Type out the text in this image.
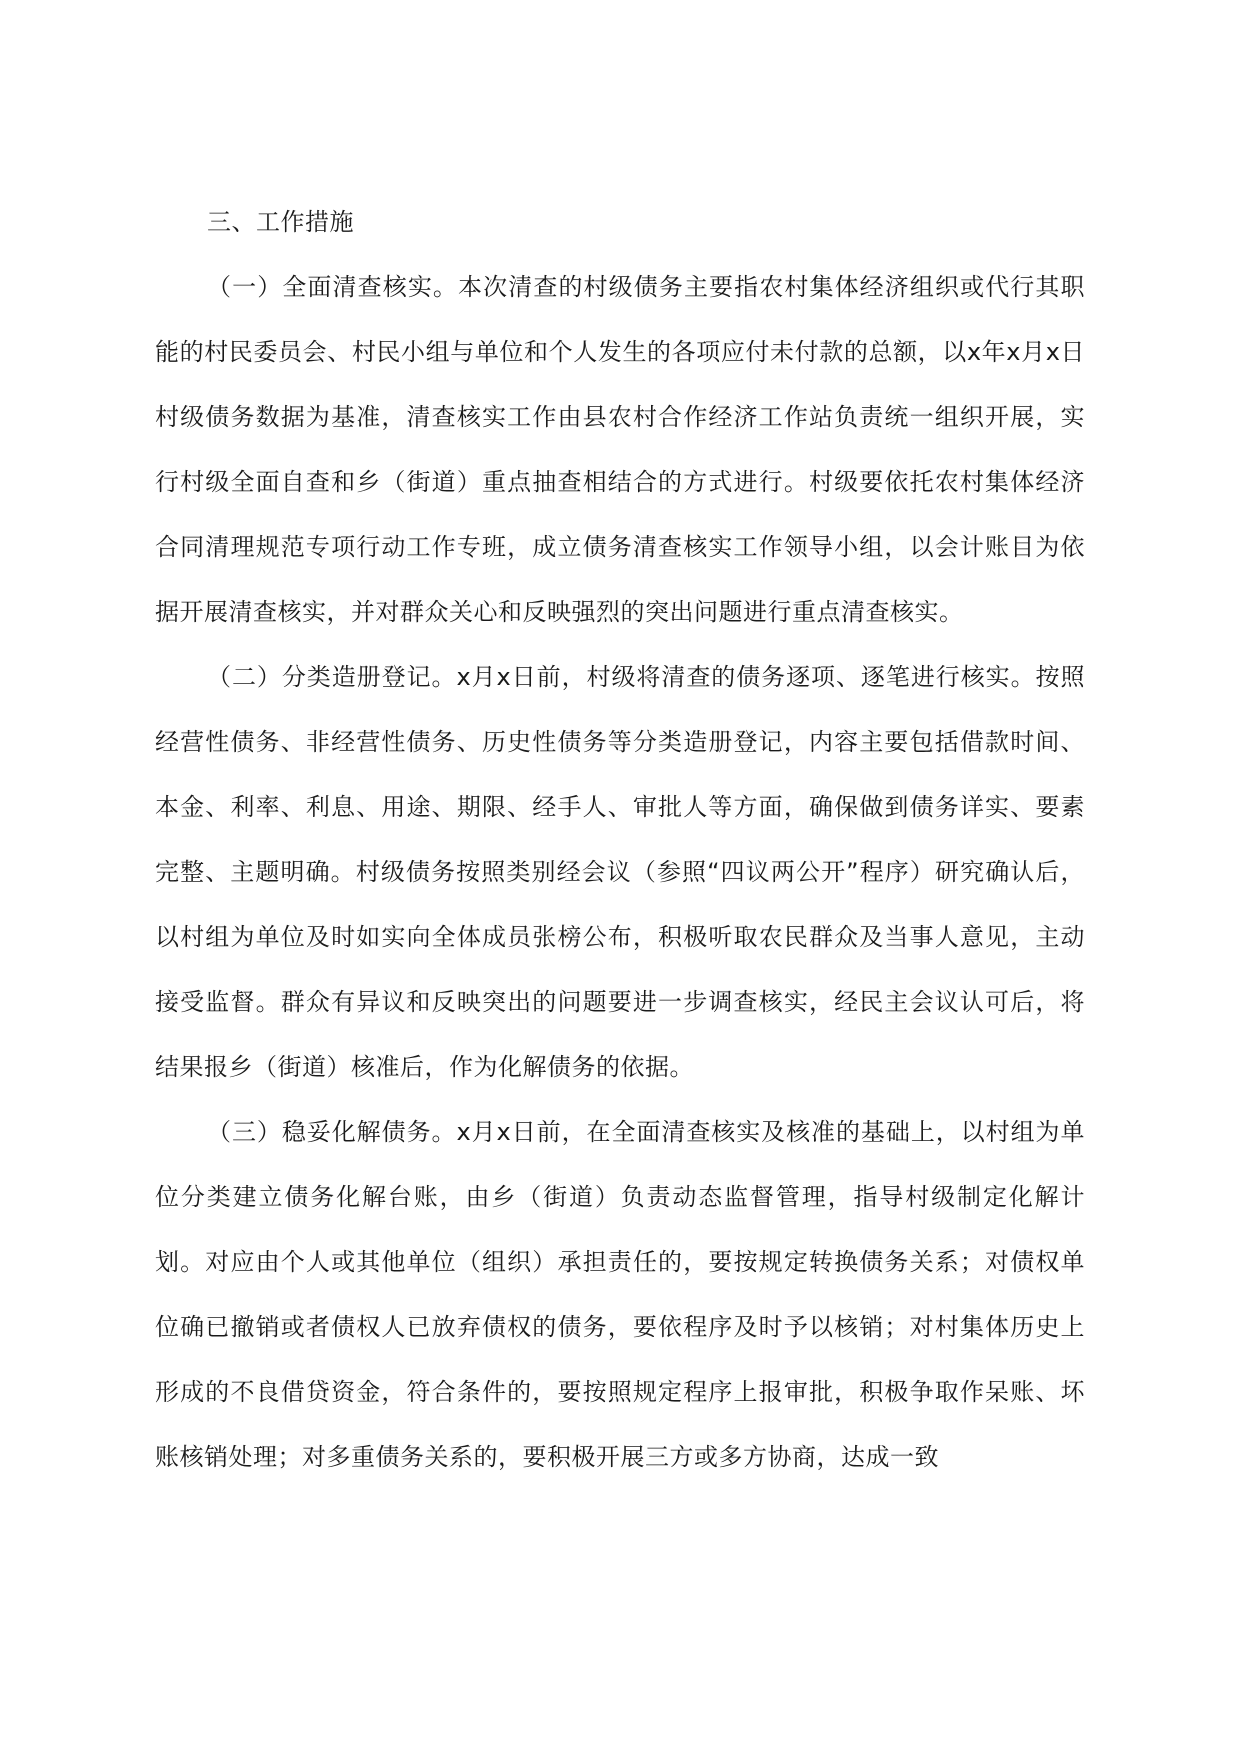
三、工作措施

（一）全面清查核实。本次清查的村级债务主要指农村集体经济组织或代行其职能的村民委员会、村民小组与单位和个人发生的各项应付未付款的总额，以x年x月x日村级债务数据为基准，清查核实工作由县农村合作经济工作站负责统一组织开展，实行村级全面自查和乡（街道）重点抽查相结合的方式进行。村级要依托农村集体经济合同清理规范专项行动工作专班，成立债务清查核实工作领导小组，以会计账目为依据开展清查核实，并对群众关心和反映强烈的突出问题进行重点清查核实。

（二）分类造册登记。x月x日前，村级将清查的债务逐项、逐笔进行核实。按照经营性债务、非经营性债务、历史性债务等分类造册登记，内容主要包括借款时间、本金、利率、利息、用途、期限、经手人、审批人等方面，确保做到债务详实、要素完整、主题明确。村级债务按照类别经会议（参照“四议两公开”程序）研究确认后，以村组为单位及时如实向全体成员张榜公布，积极听取农民群众及当事人意见，主动接受监督。群众有异议和反映突出的问题要进一步调查核实，经民主会议认可后，将结果报乡（街道）核准后，作为化解债务的依据。

（三）稳妥化解债务。x月x日前，在全面清查核实及核准的基础上，以村组为单位分类建立债务化解台账，由乡（街道）负责动态监督管理，指导村级制定化解计划。对应由个人或其他单位（组织）承担责任的，要按规定转换债务关系；对债权单位确已撤销或者债权人已放弃债权的债务，要依程序及时予以核销；对村集体历史上形成的不良借贷资金，符合条件的，要按照规定程序上报审批，积极争取作呆账、坏账核销处理；对多重债务关系的，要积极开展三方或多方协商，达成一致
